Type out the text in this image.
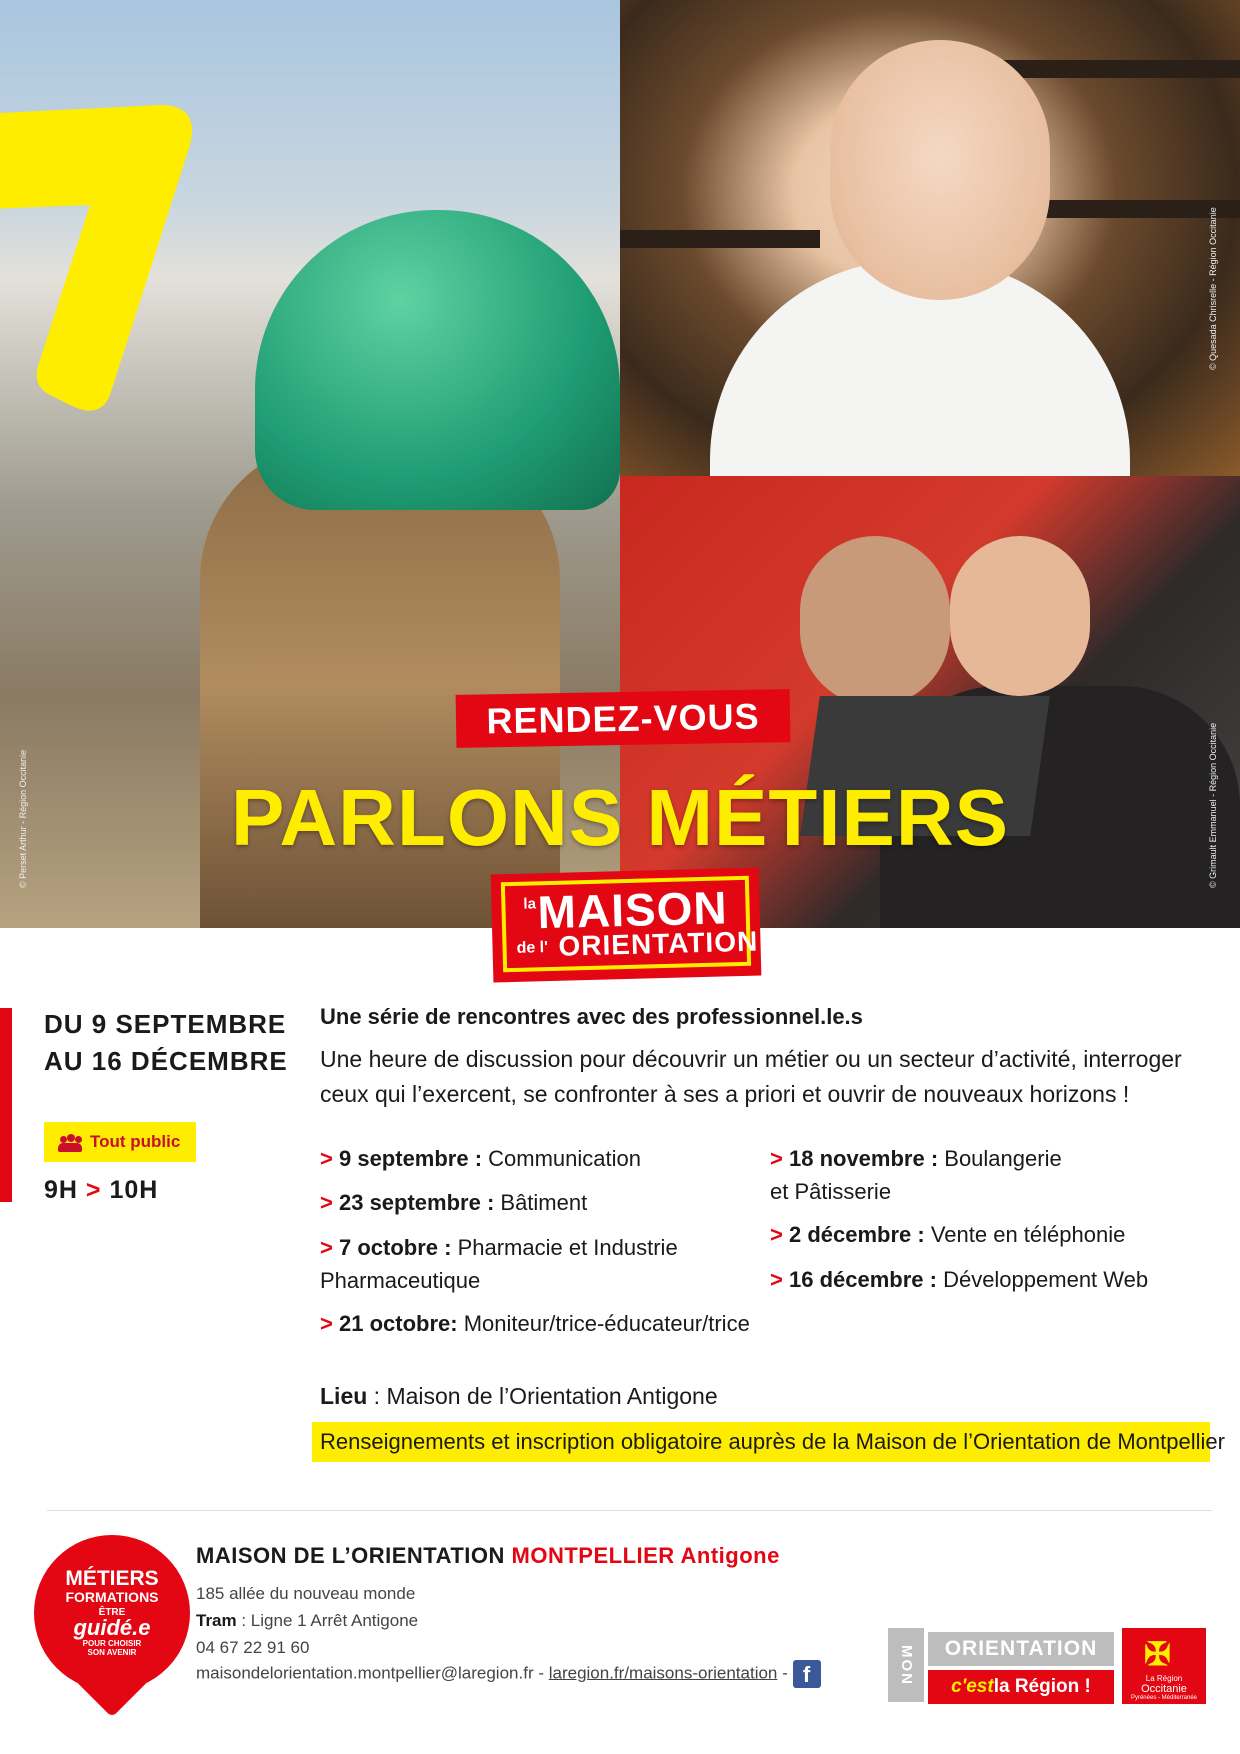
© Perset Arthur - Région Occitanie
© Quesada Chrisrelle - Région Occitanie
© Grimault Emmanuel - Région Occitanie
RENDEZ-VOUS
PARLONS MÉTIERS
la MAISON
de l' ORIENTATION
DU 9 SEPTEMBRE
AU 16 DÉCEMBRE
Tout public
9H > 10H
Une série de rencontres avec des professionnel.le.s
Une heure de discussion pour découvrir un métier ou un secteur d’activité, interroger ceux qui l’exercent, se confronter à ses a priori et ouvrir de nouveaux horizons !
> 9 septembre : Communication
> 23 septembre : Bâtiment
> 7 octobre : Pharmacie et Industrie
Pharmaceutique
> 21 octobre: Moniteur/trice-éducateur/trice
> 18 novembre : Boulangerie
et Pâtisserie
> 2 décembre : Vente en téléphonie
> 16 décembre : Développement Web
Lieu : Maison de l’Orientation Antigone
Renseignements et inscription obligatoire auprès de la Maison de l’Orientation de Montpellier
MÉTIERS
FORMATIONS
ÊTRE
guidé.e
POUR CHOISIR
SON AVENIR
MAISON DE L’ORIENTATION MONTPELLIER Antigone
185 allée du nouveau monde
Tram : Ligne 1 Arrêt Antigone
04 67 22 91 60
maisondelorientation.montpellier@laregion.fr - laregion.fr/maisons-orientation - f	MON	ORIENTATION
c'est la Région !
✠
La Région
Occitanie
Pyrénées - Méditerranée
